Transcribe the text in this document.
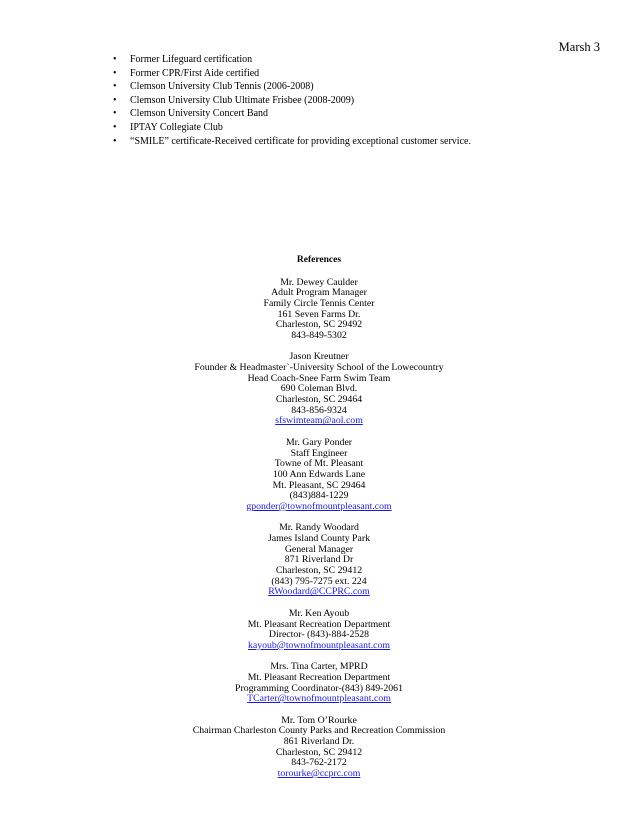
Marsh 3
• Former Lifeguard certification
• Former CPR/First Aide certified
• Clemson University Club Tennis (2006-2008)
• Clemson University Club Ultimate Frisbee (2008-2009)
• Clemson University Concert Band
• IPTAY Collegiate Club
• “SMILE” certificate-Received certificate for providing exceptional customer service.
References
Mr. Dewey Caulder
Adult Program Manager
Family Circle Tennis Center
161 Seven Farms Dr.
Charleston, SC 29492
843-849-5302
Jason Kreutner
Founder & Headmaster`-University School of the Lowecountry
Head Coach-Snee Farm Swim Team
690 Coleman Blvd.
Charleston, SC 29464
843-856-9324
sfswimteam@aol.com
Mr. Gary Ponder
Staff Engineer
Towne of Mt. Pleasant
100 Ann Edwards Lane
Mt. Pleasant, SC 29464
(843)884-1229
gponder@townofmountpleasant.com
Mr. Randy Woodard
James Island County Park
General Manager
871 Riverland Dr
Charleston, SC 29412
(843) 795-7275 ext. 224
RWoodard@CCPRC.com
Mr. Ken Ayoub
Mt. Pleasant Recreation Department
Director- (843)-884-2528
kayoub@townofmountpleasant.com
Mrs. Tina Carter, MPRD
Mt. Pleasant Recreation Department
Programming Coordinator-(843) 849-2061
TCarter@townofmountpleasant.com
Mr. Tom O’Rourke
Chairman Charleston County Parks and Recreation Commission
861 Riverland Dr.
Charleston, SC 29412
843-762-2172
torourke@ccprc.com
